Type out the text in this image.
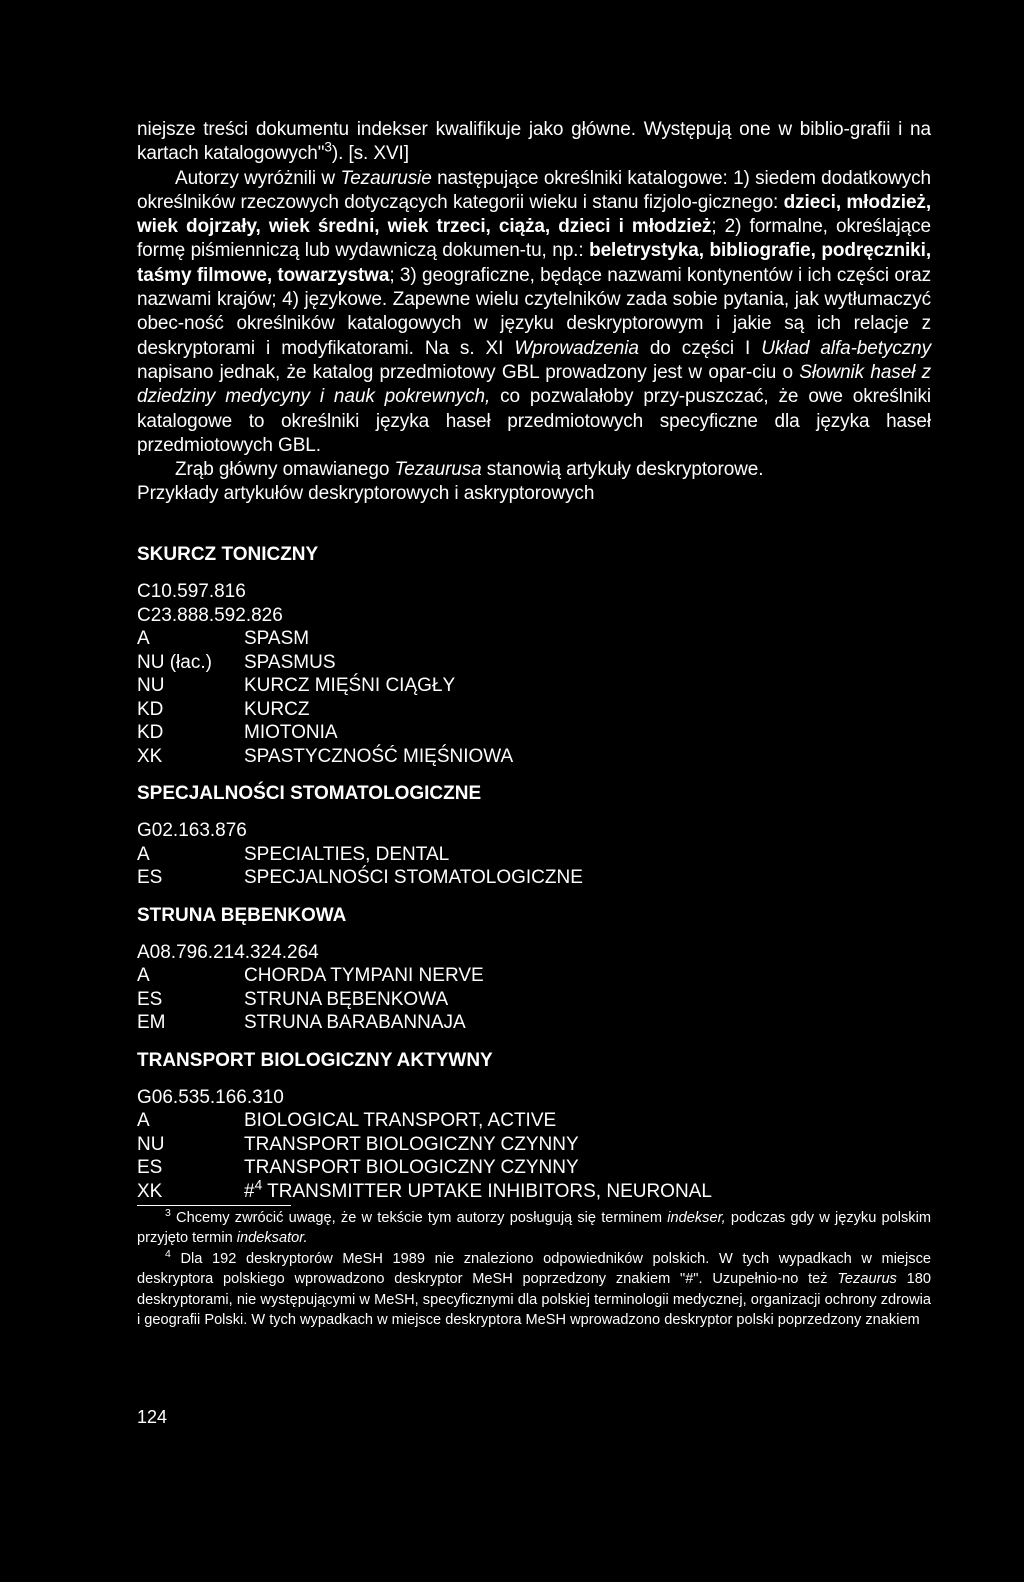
niejsze treści dokumentu indekser kwalifikuje jako główne. Występują one w biblio-grafii i na kartach katalogowych"$^3$). [s. XVI]

Autorzy wyróżnili w Tezaurusie następujące określniki katalogowe: 1) siedem dodatkowych określników rzeczowych dotyczących kategorii wieku i stanu fizjolo-gicznego: dzieci, młodzież, wiek dojrzały, wiek średni, wiek trzeci, ciąża, dzieci i młodzież; 2) formalne, określające formę piśmienniczą lub wydawniczą dokumen-tu, np.: beletrystyka, bibliografie, podręczniki, taśmy filmowe, towarzystwa; 3) geograficzne, będące nazwami kontynentów i ich części oraz nazwami krajów; 4) językowe. Zapewne wielu czytelników zada sobie pytania, jak wytłumaczyć obec-ność określników katalogowych w języku deskryptorowym i jakie są ich relacje z deskryptorami i modyfikatorami. Na s. XI Wprowadzenia do części I Układ alfa-betyczny napisano jednak, że katalog przedmiotowy GBL prowadzony jest w opar-ciu o Słownik haseł z dziedziny medycyny i nauk pokrewnych, co pozwalałoby przy-puszczać, że owe określniki katalogowe to określniki języka haseł przedmiotowych specyficzne dla języka haseł przedmiotowych GBL.

Zrąb główny omawianego Tezaurusa stanowią artykuły deskryptorowe.

Przykłady artykułów deskryptorowych i askryptorowych

SKURCZ TONICZNY
C10.597.816
C23.888.592.826
A	SPASM
NU (łac.) SPASMUS
NU	KURCZ MIĘŚNI CIĄGŁY
KD	KURCZ
KD	MIOTONIA
XK	SPASTYCZNOŚĆ MIĘŚNIOWA
SPECJALNOŚCI STOMATOLOGICZNE
G02.163.876
A	SPECIALTIES, DENTAL
ES	SPECJALNOŚCI STOMATOLOGICZNE
STRUNA BĘBENKOWA
A08.796.214.324.264
A	CHORDA TYMPANI NERVE
ES	STRUNA BĘBENKOWA
EM	STRUNA BARABANNAJA
TRANSPORT BIOLOGICZNY AKTYWNY
G06.535.166.310
A	BIOLOGICAL TRANSPORT, ACTIVE
NU	TRANSPORT BIOLOGICZNY CZYNNY
ES	TRANSPORT BIOLOGICZNY CZYNNY
XK	#$^4$ TRANSMITTER UPTAKE INHIBITORS, NEURONAL

$^3$ Chcemy zwrócić uwagę, że w tekście tym autorzy posługują się terminem indekser, podczas gdy w języku polskim przyjęto termin indeksator.

$^4$ Dla 192 deskryptorów MeSH 1989 nie znaleziono odpowiedników polskich. W tych wypadkach w miejsce deskryptora polskiego wprowadzono deskryptor MeSH poprzedzony znakiem "#". Uzupełnio-no też Tezaurus 180 deskryptorami, nie występującymi w MeSH, specyficznymi dla polskiej terminologii medycznej, organizacji ochrony zdrowia i geografii Polski. W tych wypadkach w miejsce deskryptora MeSH wprowadzono deskryptor polski poprzedzony znakiem

124
